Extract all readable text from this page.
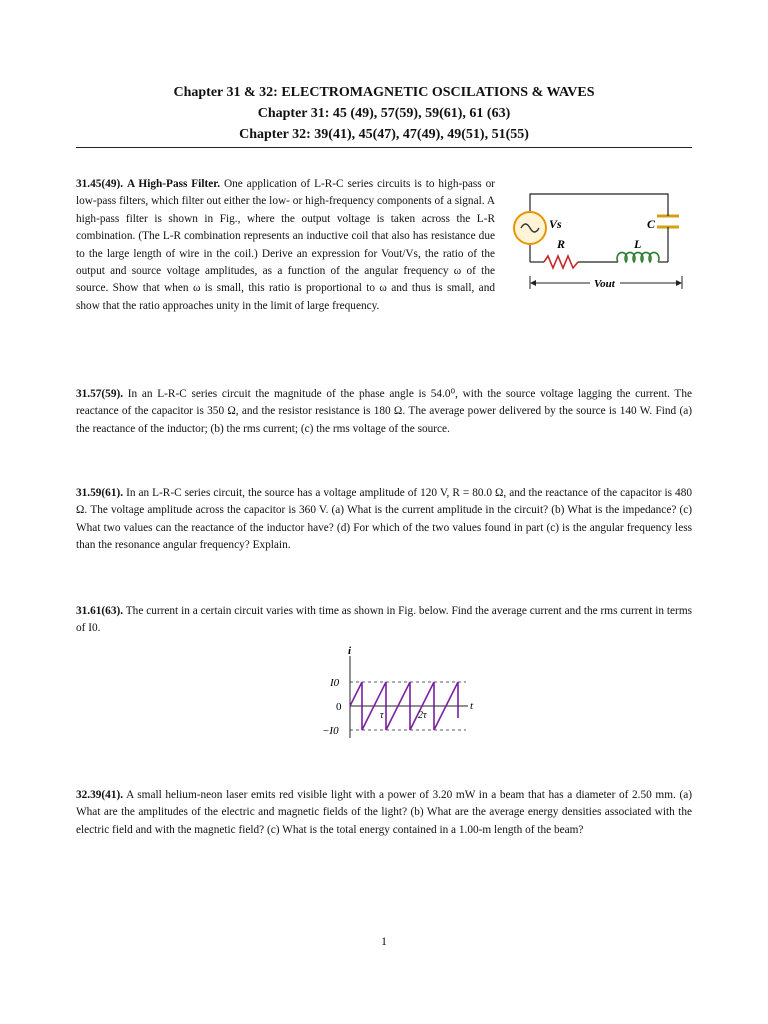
Chapter 31 & 32: ELECTROMAGNETIC OSCILATIONS & WAVES
Chapter 31: 45 (49), 57(59), 59(61), 61 (63)
Chapter 32: 39(41), 45(47), 47(49), 49(51), 51(55)
31.45(49). A High-Pass Filter. One application of L-R-C series circuits is to high-pass or low-pass filters, which filter out either the low- or high-frequency components of a signal. A high-pass filter is shown in Fig., where the output voltage is taken across the L-R combination. (The L-R combination represents an inductive coil that also has resistance due to the large length of wire in the coil.) Derive an expression for Vout/Vs, the ratio of the output and source voltage amplitudes, as a function of the angular frequency ω of the source. Show that when ω is small, this ratio is proportional to ω and thus is small, and show that the ratio approaches unity in the limit of large frequency.
Vs	C
R	L
Vout
31.57(59). In an L-R-C series circuit the magnitude of the phase angle is 54.0⁰, with the source voltage lagging the current. The reactance of the capacitor is 350 Ω, and the resistor resistance is 180 Ω. The average power delivered by the source is 140 W. Find (a) the reactance of the inductor; (b) the rms current; (c) the rms voltage of the source.
31.59(61). In an L-R-C series circuit, the source has a voltage amplitude of 120 V, R = 80.0 Ω, and the reactance of the capacitor is 480 Ω. The voltage amplitude across the capacitor is 360 V. (a) What is the current amplitude in the circuit? (b) What is the impedance? (c) What two values can the reactance of the inductor have? (d) For which of the two values found in part (c) is the angular frequency less than the resonance angular frequency? Explain.
31.61(63). The current in a certain circuit varies with time as shown in Fig. below. Find the average current and the rms current in terms of I0.
i
t
I0
0
−I0
τ	2τ
32.39(41). A small helium-neon laser emits red visible light with a power of 3.20 mW in a beam that has a diameter of 2.50 mm. (a) What are the amplitudes of the electric and magnetic fields of the light? (b) What are the average energy densities associated with the electric field and with the magnetic field? (c) What is the total energy contained in a 1.00-m length of the beam?
1
